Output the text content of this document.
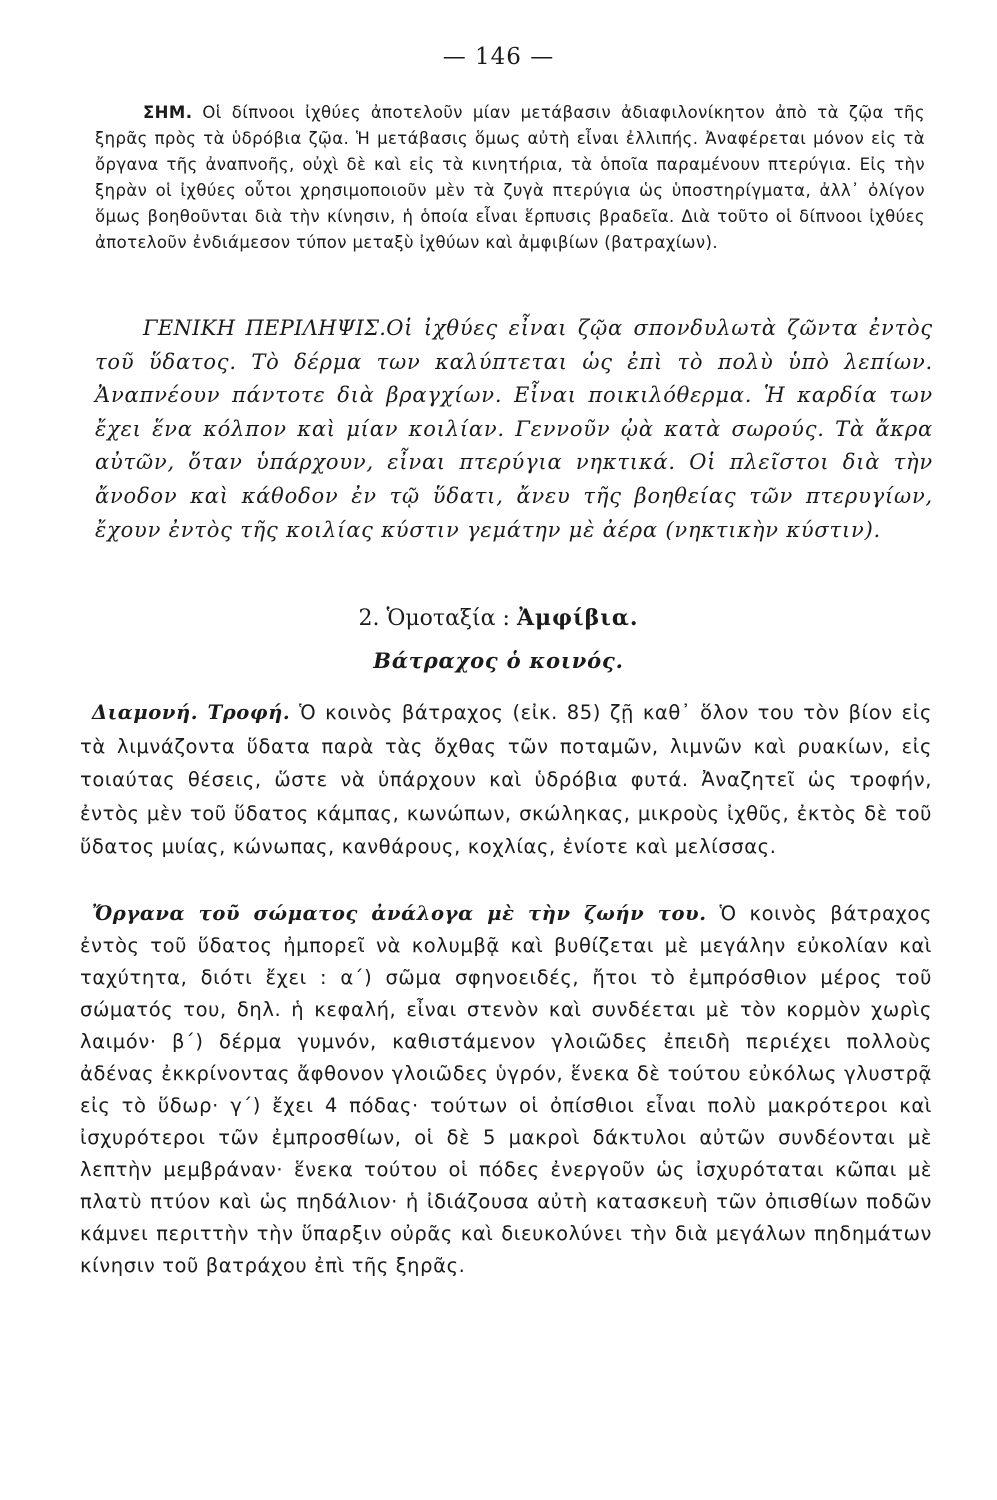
— 146 —

ΣΗΜ. Οἱ δίπνοοι ἰχθύες ἀποτελοῦν μίαν μετάβασιν ἀδιαφιλονίκητον ἀπὸ τὰ ζῷα τῆς ξηρᾶς πρὸς τὰ ὑδρόβια ζῷα. Ἡ μετάβασις ὅμως αὐτὴ εἶναι ἐλλιπής. Ἀναφέρεται μόνον εἰς τὰ ὄργανα τῆς ἀναπνοῆς, οὐχὶ δὲ καὶ εἰς τὰ κινητήρια, τὰ ὁποῖα παραμένουν πτερύγια. Εἰς τὴν ξηρὰν οἱ ἰχθύες οὗτοι χρησιμοποιοῦν μὲν τὰ ζυγὰ πτερύγια ὡς ὑποστηρίγματα, ἀλλ᾽ ὀλίγον ὅμως βοηθοῦνται διὰ τὴν κίνησιν, ἡ ὁποία εἶναι ἕρπυσις βραδεῖα. Διὰ τοῦτο οἱ δίπνοοι ἰχθύες ἀποτελοῦν ἐνδιάμεσον τύπον μεταξὺ ἰχθύων καὶ ἀμφιβίων (βατραχίων).

ΓΕΝΙΚΗ ΠΕΡΙΛΗΨΙΣ.Οἱ ἰχθύες εἶναι ζῷα σπονδυλωτὰ ζῶντα ἐντὸς τοῦ ὕδατος. Τὸ δέρμα των καλύπτεται ὡς ἐπὶ τὸ πολὺ ὑπὸ λεπίων. Ἀναπνέουν πάντοτε διὰ βραγχίων. Εἶναι ποικιλόθερμα. Ἡ καρδία των ἔχει ἕνα κόλπον καὶ μίαν κοιλίαν. Γεννοῦν ᾠὰ κατὰ σωρούς. Τὰ ἄκρα αὐτῶν, ὅταν ὑπάρχουν, εἶναι πτερύγια νηκτικά. Οἱ πλεῖστοι διὰ τὴν ἄνοδον καὶ κάθοδον ἐν τῷ ὕδατι, ἄνευ τῆς βοηθείας τῶν πτερυγίων, ἔχουν ἐντὸς τῆς κοιλίας κύστιν γεμάτην μὲ ἀέρα (νηκτικὴν κύστιν).

2. Ὁμοταξία : Ἀμφίβια.
Βάτραχος ὁ κοινός.

Διαμονή. Τροφή. Ὁ κοινὸς βάτραχος (εἰκ. 85) ζῇ καθ᾽ ὅλον του τὸν βίον εἰς τὰ λιμνάζοντα ὕδατα παρὰ τὰς ὄχθας τῶν ποταμῶν, λιμνῶν καὶ ρυακίων, εἰς τοιαύτας θέσεις, ὥστε νὰ ὑπάρχουν καὶ ὑδρόβια φυτά. Ἀναζητεῖ ὡς τροφήν, ἐντὸς μὲν τοῦ ὕδατος κάμπας, κωνώπων, σκώληκας, μικροὺς ἰχθῦς, ἐκτὸς δὲ τοῦ ὕδατος μυίας, κώνωπας, κανθάρους, κοχλίας, ἐνίοτε καὶ μελίσσας.

Ὄργανα τοῦ σώματος ἀνάλογα μὲ τὴν ζωήν του. Ὁ κοινὸς βάτραχος ἐντὸς τοῦ ὕδατος ἠμπορεῖ νὰ κολυμβᾷ καὶ βυθίζεται μὲ μεγάλην εὐκολίαν καὶ ταχύτητα, διότι ἔχει : α´) σῶμα σφηνοειδές, ἤτοι τὸ ἐμπρόσθιον μέρος τοῦ σώματός του, δηλ. ἡ κεφαλή, εἶναι στενὸν καὶ συνδέεται μὲ τὸν κορμὸν χωρὶς λαιμόν· β´) δέρμα γυμνόν, καθιστάμενον γλοιῶδες ἐπειδὴ περιέχει πολλοὺς ἀδένας ἐκκρίνοντας ἄφθονον γλοιῶδες ὑγρόν, ἕνεκα δὲ τούτου εὐκόλως γλυστρᾷ εἰς τὸ ὕδωρ· γ´) ἔχει 4 πόδας· τούτων οἱ ὀπίσθιοι εἶναι πολὺ μακρότεροι καὶ ἰσχυρότεροι τῶν ἐμπροσθίων, οἱ δὲ 5 μακροὶ δάκτυλοι αὐτῶν συνδέονται μὲ λεπτὴν μεμβράναν· ἕνεκα τούτου οἱ πόδες ἐνεργοῦν ὡς ἰσχυρόταται κῶπαι μὲ πλατὺ πτύον καὶ ὡς πηδάλιον· ἡ ἰδιάζουσα αὐτὴ κατασκευὴ τῶν ὀπισθίων ποδῶν κάμνει περιττὴν τὴν ὕπαρξιν οὐρᾶς καὶ διευκολύνει τὴν διὰ μεγάλων πηδημάτων κίνησιν τοῦ βατράχου ἐπὶ τῆς ξηρᾶς.
